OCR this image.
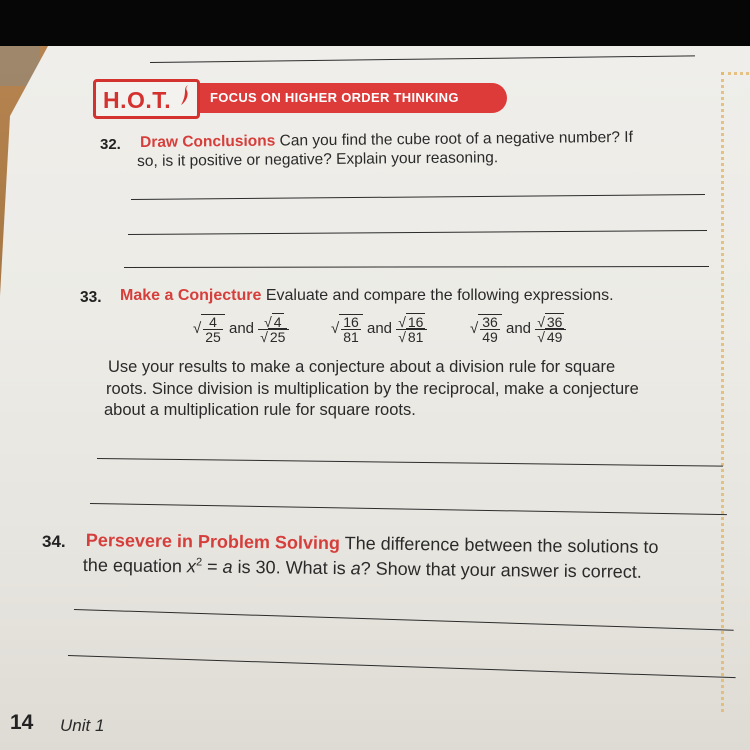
H.O.T.	FOCUS ON HIGHER ORDER THINKING
32. Draw Conclusions Can you find the cube root of a negative number? If
so, is it positive or negative? Explain your reasoning.
33. Make a Conjecture Evaluate and compare the following expressions.
√ $\frac{4}{25}$ and $\frac{√ 4}{√ 25}$	√ $\frac{16}{81}$ and $\frac{√ 16}{√ 81}$	√ $\frac{36}{49}$ and $\frac{√ 36}{√ 49}$
Use your results to make a conjecture about a division rule for square
roots. Since division is multiplication by the reciprocal, make a conjecture
about a multiplication rule for square roots.
34. Persevere in Problem Solving The difference between the solutions to
the equation $x^2 = a$ is 30. What is a? Show that your answer is correct.
14 Unit 1
